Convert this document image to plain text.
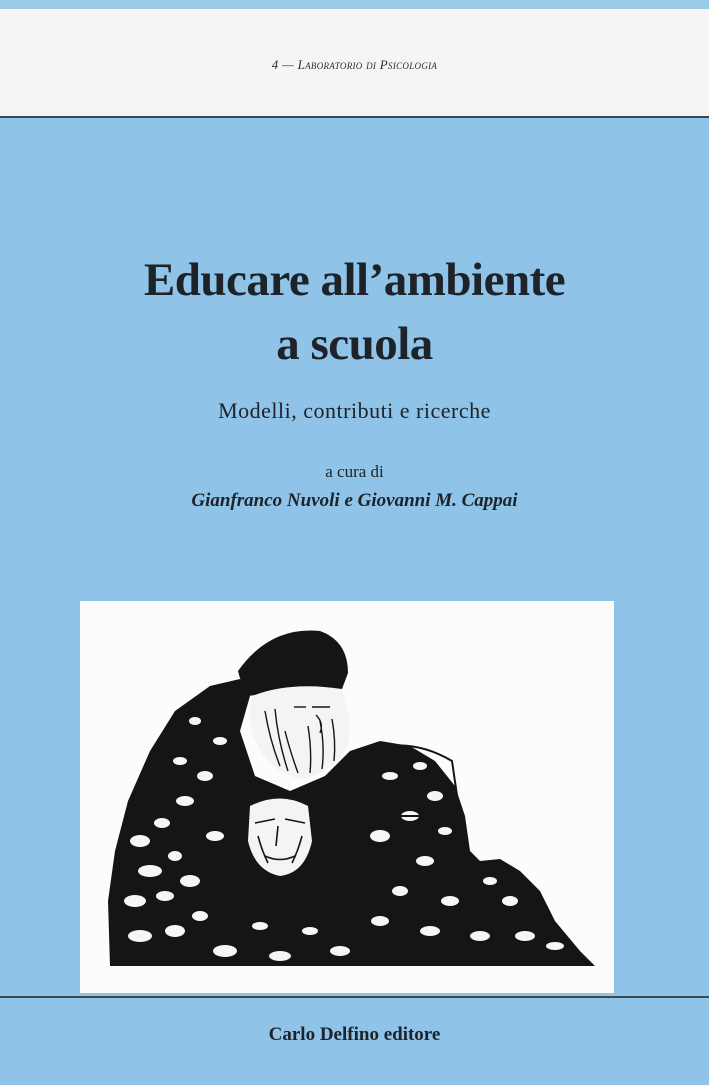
4 — Laboratorio di Psicologia
Educare all’ambiente
a scuola
Modelli, contributi e ricerche
a cura di
Gianfranco Nuvoli e Giovanni M. Cappai
Carlo Delfino editore
